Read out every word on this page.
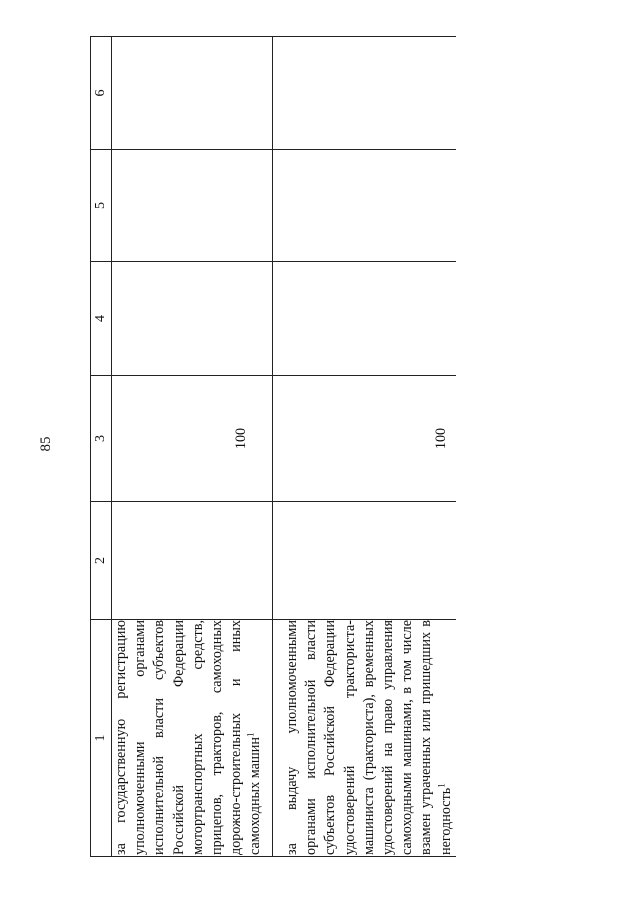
85
1	2	3	4	5	6

за государственную регистрацию уполномоченными органами исполнительной власти субъектов Российской Федерации мотортранспортных средств, прицепов, тракторов, самоходных дорожно-строительных и иных самоходных машин$^1$		100			

за выдачу уполномоченными органами исполнительной власти субъектов Российской Федерации удостоверений тракториста-машиниста (тракториста), временных удостоверений на право управления самоходными машинами, в том числе взамен утраченных или пришедших в негодность$^1$		100			
